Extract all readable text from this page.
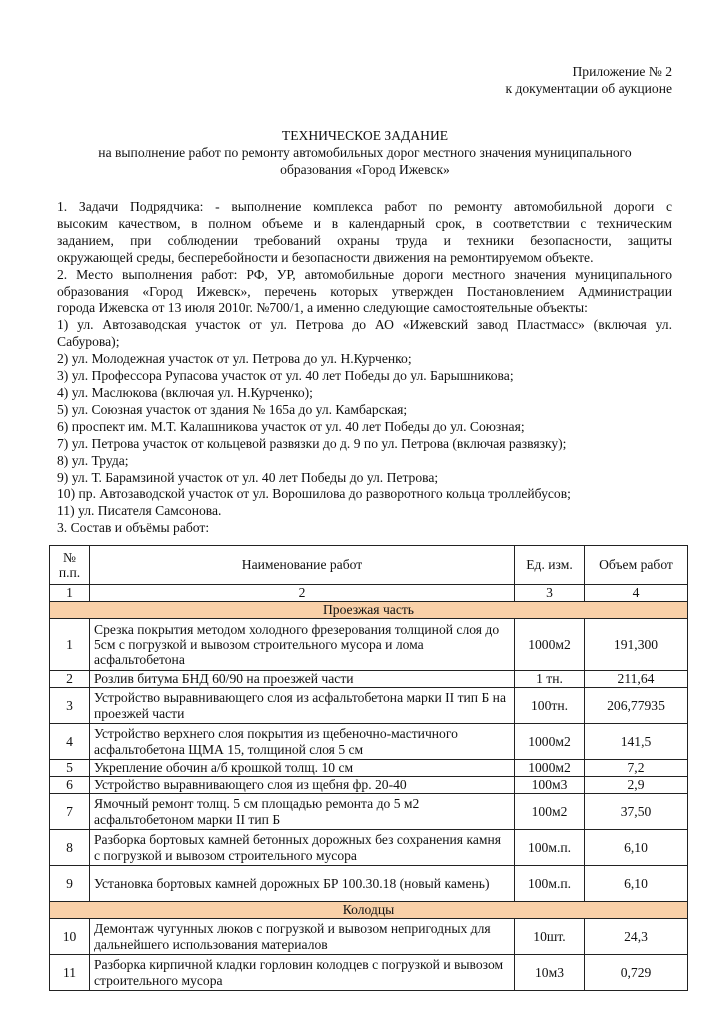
Приложение № 2
к документации об аукционе
ТЕХНИЧЕСКОЕ ЗАДАНИЕ
на выполнение работ по ремонту автомобильных дорог местного значения муниципального
образования «Город Ижевск»

1. Задачи Подрядчика: - выполнение комплекса работ по ремонту автомобильной дороги с

высоким качеством, в полном объеме и в календарный срок, в соответствии с техническим

заданием, при соблюдении требований охраны труда и техники безопасности, защиты

окружающей среды, бесперебойности и безопасности движения на ремонтируемом объекте.

2. Место выполнения работ: РФ, УР, автомобильные дороги местного значения муниципального

образования «Город Ижевск», перечень которых утвержден Постановлением Администрации

города Ижевска от 13 июля 2010г. №700/1, а именно следующие самостоятельные объекты:

1) ул. Автозаводская участок от ул. Петрова до АО «Ижевский завод Пластмасс» (включая ул.

Сабурова);

2) ул. Молодежная участок от ул. Петрова до ул. Н.Курченко;

3) ул. Профессора Рупасова участок от ул. 40 лет Победы до ул. Барышникова;

4) ул. Маслюкова (включая ул. Н.Курченко);

5) ул. Союзная участок от здания № 165а до ул. Камбарская;

6) проспект им. М.Т. Калашникова участок от ул. 40 лет Победы до ул. Союзная;

7) ул. Петрова участок от кольцевой развязки до д. 9 по ул. Петрова (включая развязку);

8) ул. Труда;

9) ул. Т. Барамзиной участок от ул. 40 лет Победы до ул. Петрова;

10) пр. Автозаводской участок от ул. Ворошилова до разворотного кольца троллейбусов;

11) ул. Писателя Самсонова.

3. Состав и объёмы работ:

№ п.п.	Наименование работ	Ед. изм.	Объем работ
1	2	3	4
Проезжая часть			
1	Срезка покрытия методом холодного фрезерования толщиной слоя до 5см с погрузкой и вывозом строительного мусора и лома асфальтобетона	1000м2	191,300
2	Розлив битума БНД 60/90 на проезжей части	1 тн.	211,64
3	Устройство выравнивающего слоя из асфальтобетона марки II тип Б на проезжей части	100тн.	206,77935
4	Устройство верхнего слоя покрытия из щебеночно-мастичного асфальтобетона ЩМА 15, толщиной слоя 5 см	1000м2	141,5
5	Укрепление обочин а/б крошкой толщ. 10 см	1000м2	7,2
6	Устройство выравнивающего слоя из щебня фр. 20-40	100м3	2,9
7	Ямочный ремонт толщ. 5 см площадью ремонта до 5 м2 асфальтобетоном марки II тип Б	100м2	37,50
8	Разборка бортовых камней бетонных дорожных без сохранения камня с погрузкой и вывозом строительного мусора	100м.п.	6,10
9	Установка бортовых камней дорожных БР 100.30.18 (новый камень)	100м.п.	6,10
Колодцы			
10	Демонтаж чугунных люков с погрузкой и вывозом непригодных для дальнейшего использования материалов	10шт.	24,3
11	Разборка кирпичной кладки горловин колодцев с погрузкой и вывозом строительного мусора	10м3	0,729
